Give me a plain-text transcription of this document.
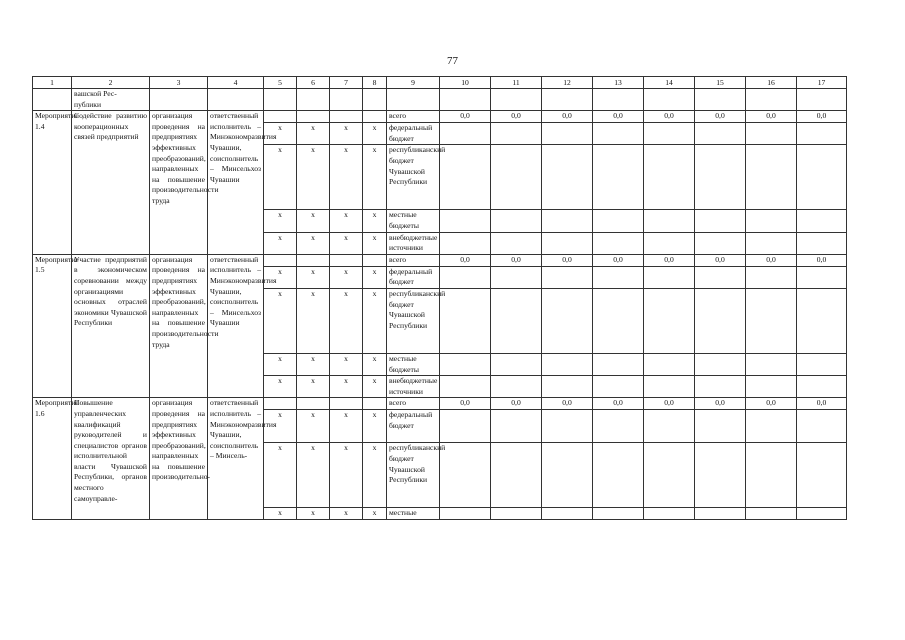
77
1	2	3	4	5	6	7	8	9	10	11	12	13	14	15	16	17
	вашской Рес-
публики															
Мероприятие 1.4	Содействие развитию кооперационных связей предприятий	организация проведения на предприятиях эффективных преобразований, направленных на повышение производительности труда	ответственный исполнитель – Минэкономразвития Чувашии, соисполнитель – Минсельхоз Чувашии					всего	0,0	0,0	0,0	0,0	0,0	0,0	0,0	0,0
				x	x	x	x	федеральный бюджет								
				x	x	x	x	республиканский бюджет Чувашской Республики								
				x	x	x	x	местные бюджеты								
				x	x	x	x	внебюджетные источники								
Мероприятие 1.5	Участие предприятий в экономическом соревновании между организациями основных отраслей экономики Чувашской Республики	организация проведения на предприятиях эффективных преобразований, направленных на повышение производительности труда	ответственный исполнитель – Минэкономразвития Чувашии, соисполнитель – Минсельхоз Чувашии					всего	0,0	0,0	0,0	0,0	0,0	0,0	0,0	0,0
				x	x	x	x	федеральный бюджет								
				x	x	x	x	республиканский бюджет Чувашской Республики								
				x	x	x	x	местные бюджеты								
				x	x	x	x	внебюджетные источники								
Мероприятие 1.6	Повышение управленческих квалификаций руководителей и специалистов органов исполнительной власти Чувашской Республики, органов местного самоуправле-	организация проведения на предприятиях эффективных преобразований, направленных на повышение производительно-	ответственный исполнитель – Минэкономразвития Чувашии, соисполнитель – Минсель-					всего	0,0	0,0	0,0	0,0	0,0	0,0	0,0	0,0
				x	x	x	x	федеральный бюджет								
				x	x	x	x	республиканский бюджет Чувашской Республики								
				x	x	x	x	местные								
